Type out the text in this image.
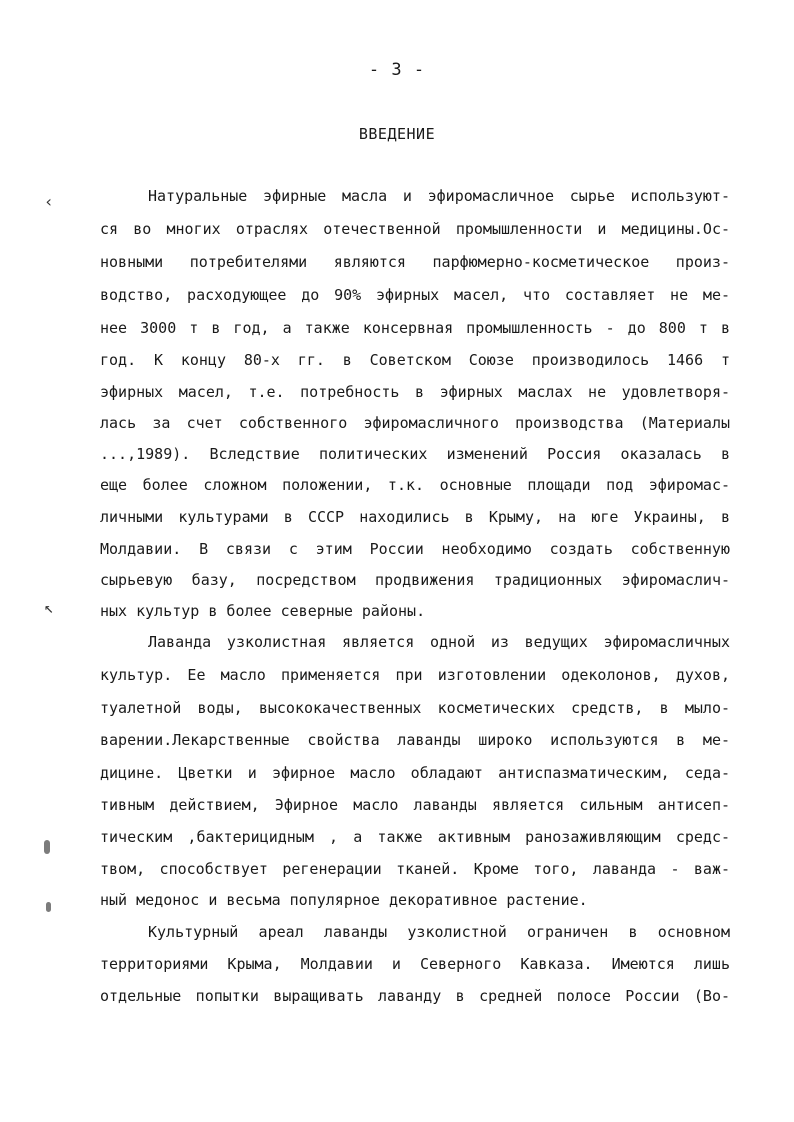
- 3 -
ВВЕДЕНИЕ
Натуральные эфирные масла и эфиромасличное сырье используют-
ся во многих отраслях отечественной промышленности и медицины.Ос-
новными потребителями являются парфюмерно-косметическое произ-
водство, расходующее до 90% эфирных масел, что составляет не ме-
нее 3000 т в год, а также консервная промышленность - до 800 т в
год. К концу 80-х гг. в Советском Союзе производилось 1466 т
эфирных масел, т.е. потребность в эфирных маслах не удовлетворя-
лась за счет собственного эфиромасличного производства (Материалы
...,1989). Вследствие политических изменений Россия оказалась в
еще более сложном положении, т.к. основные площади под эфиромас-
личными культурами в СССР находились в Крыму, на юге Украины, в
Молдавии. В связи с этим России необходимо создать собственную
сырьевую базу, посредством продвижения традиционных эфиромаслич-
ных культур в более северные районы.
Лаванда узколистная является одной из ведущих эфиромасличных
культур. Ее масло применяется при изготовлении одеколонов, духов,
туалетной воды, высококачественных косметических средств, в мыло-
варении.Лекарственные свойства лаванды широко используются в ме-
дицине. Цветки и эфирное масло обладают антиспазматическим, седа-
тивным действием, Эфирное масло лаванды является сильным антисеп-
тическим ,бактерицидным , а также активным ранозаживляющим средс-
твом, способствует регенерации тканей. Кроме того, лаванда - важ-
ный медонос и весьма популярное декоративное растение.
Культурный ареал лаванды узколистной ограничен в основном
территориями Крыма, Молдавии и Северного Кавказа. Имеются лишь
отдельные попытки выращивать лаванду в средней полосе России (Во-
‹
↖
